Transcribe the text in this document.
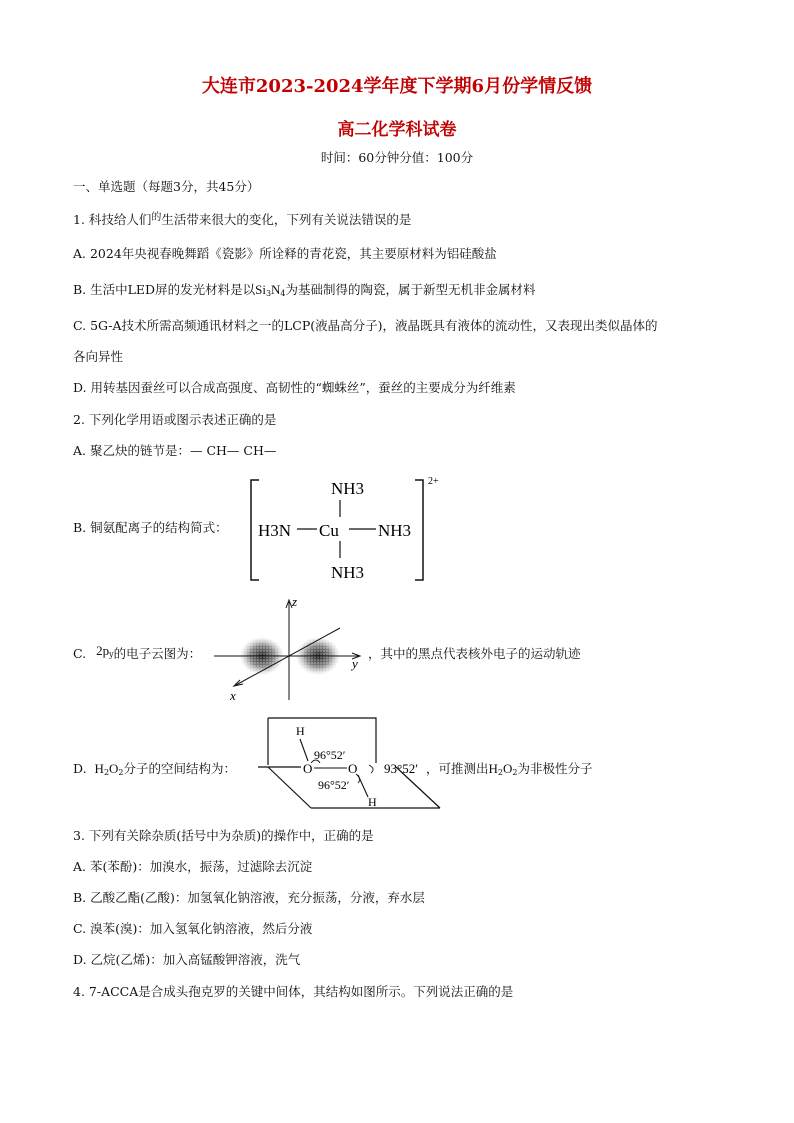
大连市2023-2024学年度下学期6月份学情反馈
高二化学科试卷
时间：60分钟分值：100分
一、单选题（每题3分，共45分）
1. 科技给人们$^的$生活带来很大的变化，下列有关说法错误的是
A. 2024年央视春晚舞蹈《瓷影》所诠释的青花瓷，其主要原材料为铝硅酸盐
B. 生活中LED屏的发光材料是以$Si_3N_4$为基础制得的陶瓷，属于新型无机非金属材料
C. 5G-A技术所需高频通讯材料之一的LCP(液晶高分子)，液晶既具有液体的流动性，又表现出类似晶体的
各向异性
D. 用转基因蚕丝可以合成高强度、高韧性的“蜘蛛丝”，蚕丝的主要成分为纤维素
2. 下列化学用语或图示表述正确的是
A. 聚乙炔的链节是：— CH— CH—
B. 铜氨配离子的结构简式：
2+
NH3
H3N Cu NH3
NH3
C. $2p_y$的电子云图为：
z
y
x
，其中的黑点代表核外电子的运动轨迹
D. $H_2O_2$分子的空间结构为：
H
O	O
H
96°52′
96°52′
93°52′ ，可推测出$H_2O_2$为非极性分子
3. 下列有关除杂质(括号中为杂质)的操作中，正确的是
A. 苯(苯酚)：加溴水，振荡，过滤除去沉淀
B. 乙酸乙酯(乙酸)：加氢氧化钠溶液，充分振荡，分液，弃水层
C. 溴苯(溴)：加入氢氧化钠溶液，然后分液
D. 乙烷(乙烯)：加入高锰酸钾溶液，洗气
4. 7-ACCA是合成头孢克罗的关键中间体，其结构如图所示。下列说法正确的是
